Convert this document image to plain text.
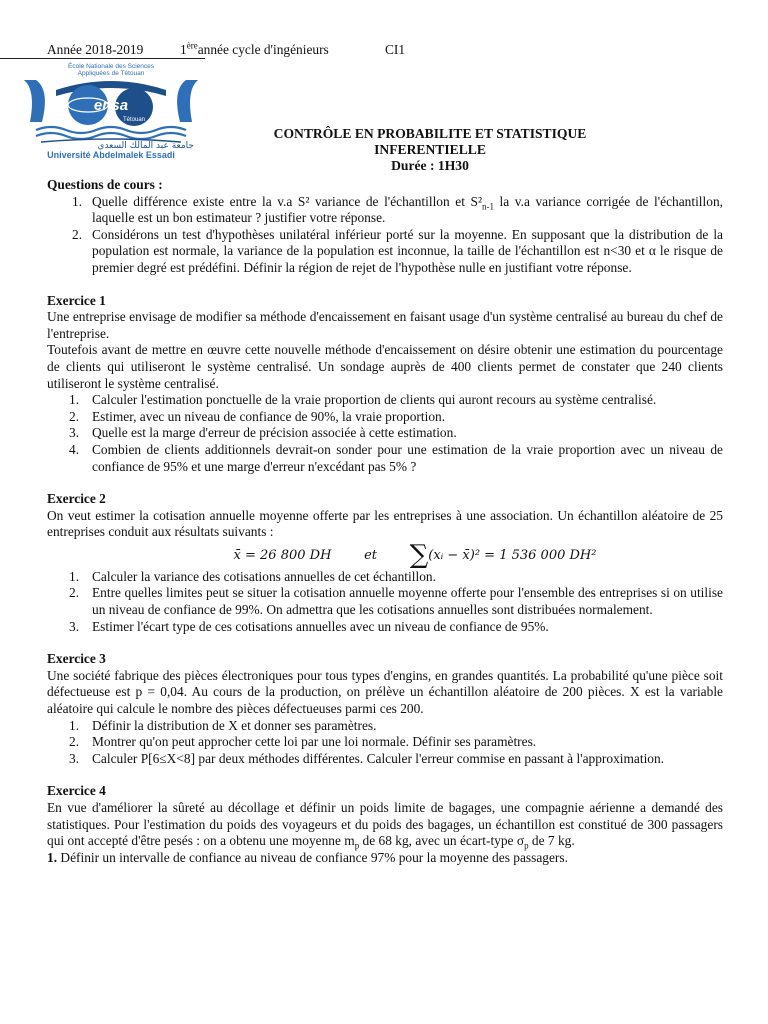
Année 2018-2019	1èreannée cycle d'ingénieurs	CI1
École Nationale des Sciences
Appliquées de Tétouan
ensa
Tétouan
جامعة عبد المالك السعدي
Université Abdelmalek Essadi
CONTRÔLE EN PROBABILITE ET STATISTIQUE
INFERENTIELLE
Durée : 1H30

Questions de cours :

1. Quelle différence existe entre la v.a S² variance de l'échantillon et $S^2_{n-1}$ la v.a variance corrigée de l'échantillon, laquelle est un bon estimateur ? justifier votre réponse.
2. Considérons un test d'hypothèses unilatéral inférieur porté sur la moyenne. En supposant que la distribution de la population est normale, la variance de la population est inconnue, la taille de l'échantillon est n<30 et α le risque de premier degré est prédéfini. Définir la région de rejet de l'hypothèse nulle en justifiant votre réponse.

Exercice 1

Une entreprise envisage de modifier sa méthode d'encaissement en faisant usage d'un système centralisé au bureau du chef de l'entreprise.

Toutefois avant de mettre en œuvre cette nouvelle méthode d'encaissement on désire obtenir une estimation du pourcentage de clients qui utiliseront le système centralisé. Un sondage auprès de 400 clients permet de constater que 240 clients utiliseront le système centralisé.

1. Calculer l'estimation ponctuelle de la vraie proportion de clients qui auront recours au système centralisé.
2. Estimer, avec un niveau de confiance de 90%, la vraie proportion.
3. Quelle est la marge d'erreur de précision associée à cette estimation.
4. Combien de clients additionnels devrait-on sonder pour une estimation de la vraie proportion avec un niveau de confiance de 95% et une marge d'erreur n'excédant pas 5% ?

Exercice 2

On veut estimer la cotisation annuelle moyenne offerte par les entreprises à une association. Un échantillon aléatoire de 25 entreprises conduit aux résultats suivants :

x̄ = 26 800 DH	et ∑(xᵢ − x̄)² = 1 536 000 DH²
1. Calculer la variance des cotisations annuelles de cet échantillon.
2. Entre quelles limites peut se situer la cotisation annuelle moyenne offerte pour l'ensemble des entreprises si on utilise un niveau de confiance de 99%. On admettra que les cotisations annuelles sont distribuées normalement.
3. Estimer l'écart type de ces cotisations annuelles avec un niveau de confiance de 95%.

Exercice 3

Une société fabrique des pièces électroniques pour tous types d'engins, en grandes quantités. La probabilité qu'une pièce soit défectueuse est p = 0,04. Au cours de la production, on prélève un échantillon aléatoire de 200 pièces. X est la variable aléatoire qui calcule le nombre des pièces défectueuses parmi ces 200.

1. Définir la distribution de X et donner ses paramètres.
2. Montrer qu'on peut approcher cette loi par une loi normale. Définir ses paramètres.
3. Calculer P[6≤X<8] par deux méthodes différentes. Calculer l'erreur commise en passant à l'approximation.

Exercice 4

En vue d'améliorer la sûreté au décollage et définir un poids limite de bagages, une compagnie aérienne a demandé des statistiques. Pour l'estimation du poids des voyageurs et du poids des bagages, un échantillon est constitué de 300 passagers qui ont accepté d'être pesés : on a obtenu une moyenne $m_p$ de 68 kg, avec un écart-type $\sigma_p$ de 7 kg.

1. Définir un intervalle de confiance au niveau de confiance 97% pour la moyenne des passagers.
